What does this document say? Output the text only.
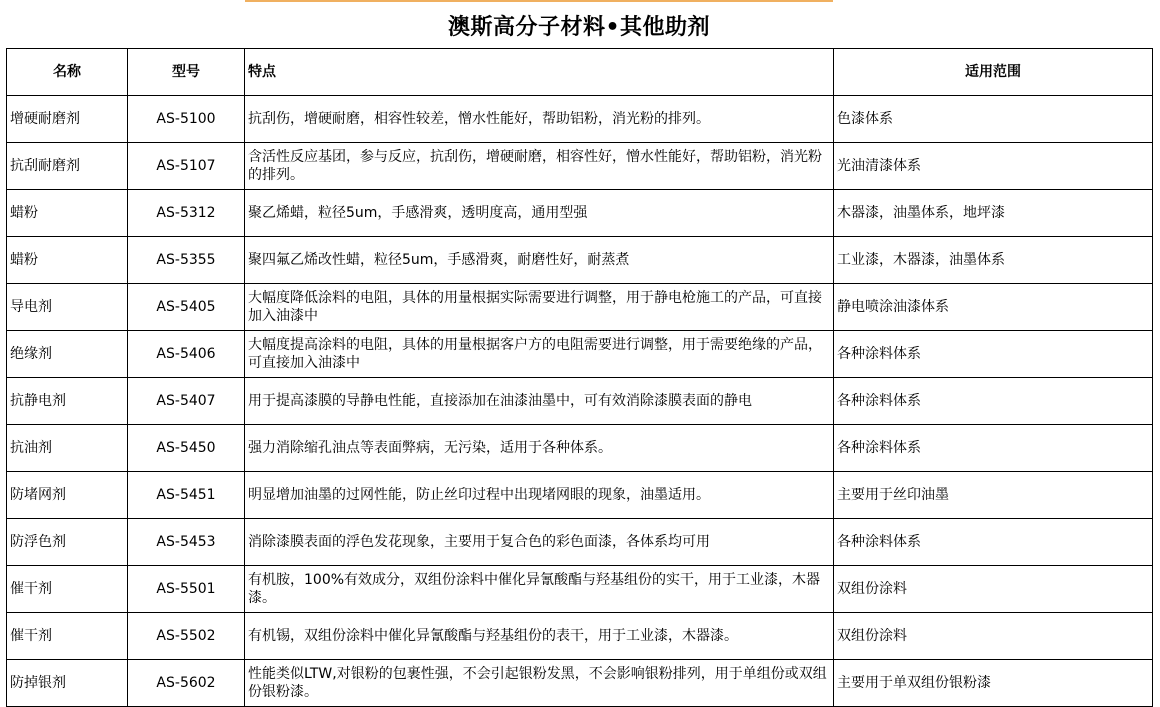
澳斯高分子材料•其他助剂
名称	型号	特点	适用范围
增硬耐磨剂	AS-5100	抗刮伤，增硬耐磨，相容性较差，憎水性能好，帮助铝粉，消光粉的排列。	色漆体系
抗刮耐磨剂	AS-5107	含活性反应基团，参与反应，抗刮伤，增硬耐磨，相容性好，憎水性能好，帮助铝粉，消光粉的排列。	光油清漆体系
蜡粉	AS-5312	聚乙烯蜡，粒径5um，手感滑爽，透明度高，通用型强	木器漆，油墨体系，地坪漆
蜡粉	AS-5355	聚四氟乙烯改性蜡，粒径5um，手感滑爽，耐磨性好，耐蒸煮	工业漆，木器漆，油墨体系
导电剂	AS-5405	大幅度降低涂料的电阻，具体的用量根据实际需要进行调整，用于静电枪施工的产品，可直接加入油漆中	静电喷涂油漆体系
绝缘剂	AS-5406	大幅度提高涂料的电阻，具体的用量根据客户方的电阻需要进行调整，用于需要绝缘的产品，可直接加入油漆中	各种涂料体系
抗静电剂	AS-5407	用于提高漆膜的导静电性能，直接添加在油漆油墨中，可有效消除漆膜表面的静电	各种涂料体系
抗油剂	AS-5450	强力消除缩孔油点等表面弊病，无污染，适用于各种体系。	各种涂料体系
防堵网剂	AS-5451	明显增加油墨的过网性能，防止丝印过程中出现堵网眼的现象，油墨适用。	主要用于丝印油墨
防浮色剂	AS-5453	消除漆膜表面的浮色发花现象，主要用于复合色的彩色面漆，各体系均可用	各种涂料体系
催干剂	AS-5501	有机胺，100%有效成分，双组份涂料中催化异氰酸酯与羟基组份的实干，用于工业漆，木器漆。	双组份涂料
催干剂	AS-5502	有机锡，双组份涂料中催化异氰酸酯与羟基组份的表干，用于工业漆，木器漆。	双组份涂料
防掉银剂	AS-5602	性能类似LTW,对银粉的包裹性强，不会引起银粉发黑，不会影响银粉排列，用于单组份或双组份银粉漆。	主要用于单双组份银粉漆
